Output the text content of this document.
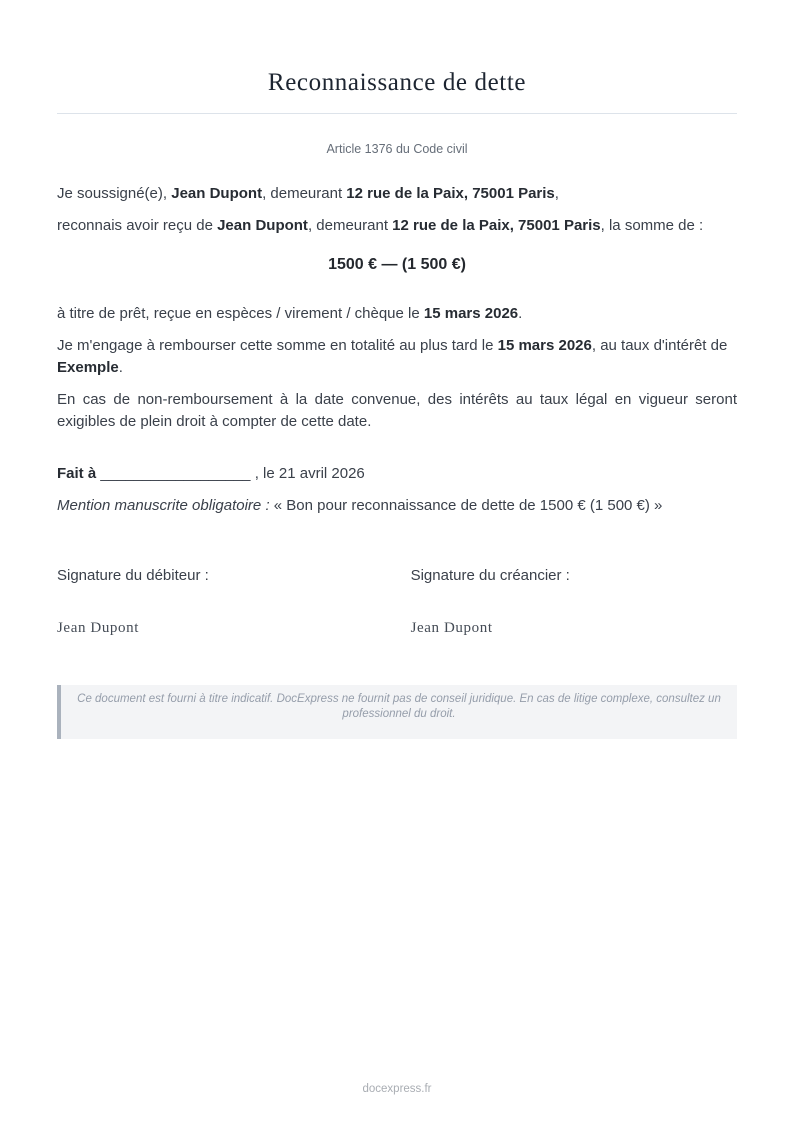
Reconnaissance de dette

Article 1376 du Code civil

Je soussigné(e), Jean Dupont, demeurant 12 rue de la Paix, 75001 Paris,

reconnais avoir reçu de Jean Dupont, demeurant 12 rue de la Paix, 75001 Paris, la somme de :

1500 € — (1 500 €)

à titre de prêt, reçue en espèces / virement / chèque le 15 mars 2026.

Je m'engage à rembourser cette somme en totalité au plus tard le 15 mars 2026, au taux d'intérêt de Exemple.

En cas de non-remboursement à la date convenue, des intérêts au taux légal en vigueur seront exigibles de plein droit à compter de cette date.

Fait à __________________ , le 21 avril 2026

Mention manuscrite obligatoire : « Bon pour reconnaissance de dette de 1500 € (1 500 €) »

Signature du débiteur :

Jean Dupont

Signature du créancier :

Jean Dupont

Ce document est fourni à titre indicatif. DocExpress ne fournit pas de conseil juridique. En cas de litige complexe, consultez un professionnel du droit.

docexpress.fr
